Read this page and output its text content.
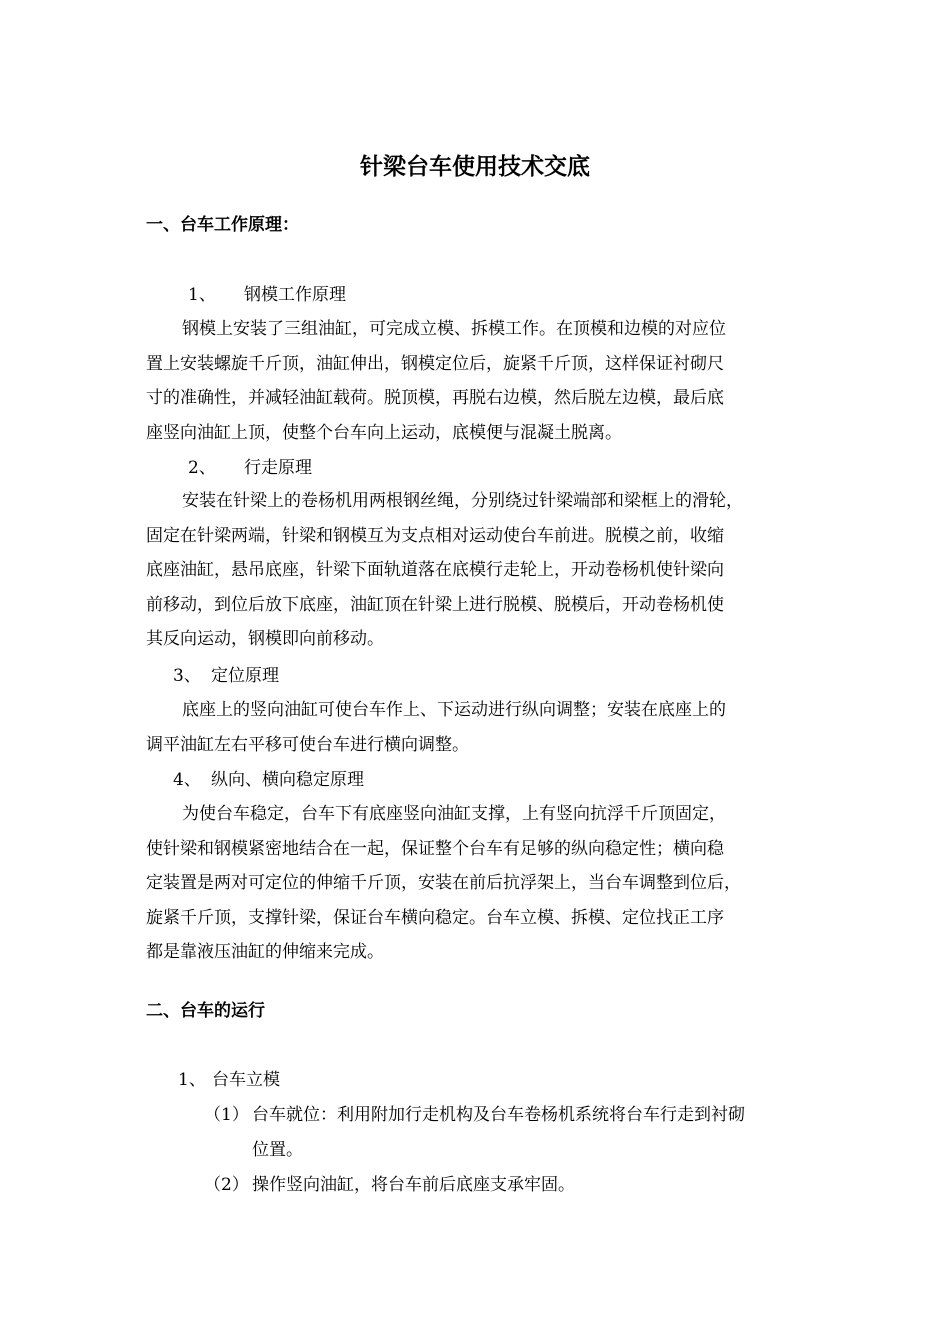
针梁台车使用技术交底
一、台车工作原理：
1、 钢模工作原理
钢模上安装了三组油缸，可完成立模、拆模工作。在顶模和边模的对应位
置上安装螺旋千斤顶，油缸伸出，钢模定位后，旋紧千斤顶，这样保证衬砌尺
寸的准确性，并减轻油缸载荷。脱顶模，再脱右边模，然后脱左边模，最后底
座竖向油缸上顶，使整个台车向上运动，底模便与混凝土脱离。
2、 行走原理
安装在针梁上的卷杨机用两根钢丝绳，分别绕过针梁端部和梁框上的滑轮，
固定在针梁两端，针梁和钢模互为支点相对运动使台车前进。脱模之前，收缩
底座油缸，悬吊底座，针梁下面轨道落在底模行走轮上，开动卷杨机使针梁向
前移动，到位后放下底座，油缸顶在针梁上进行脱模、脱模后，开动卷杨机使
其反向运动，钢模即向前移动。
3、 定位原理
底座上的竖向油缸可使台车作上、下运动进行纵向调整；安装在底座上的
调平油缸左右平移可使台车进行横向调整。
4、 纵向、横向稳定原理
为使台车稳定，台车下有底座竖向油缸支撑，上有竖向抗浮千斤顶固定，
使针梁和钢模紧密地结合在一起，保证整个台车有足够的纵向稳定性；横向稳
定装置是两对可定位的伸缩千斤顶，安装在前后抗浮架上，当台车调整到位后，
旋紧千斤顶，支撑针梁，保证台车横向稳定。台车立模、拆模、定位找正工序
都是靠液压油缸的伸缩来完成。
二、台车的运行
1、 台车立模
（1） 台车就位：利用附加行走机构及台车卷杨机系统将台车行走到衬砌
位置。
（2） 操作竖向油缸，将台车前后底座支承牢固。
